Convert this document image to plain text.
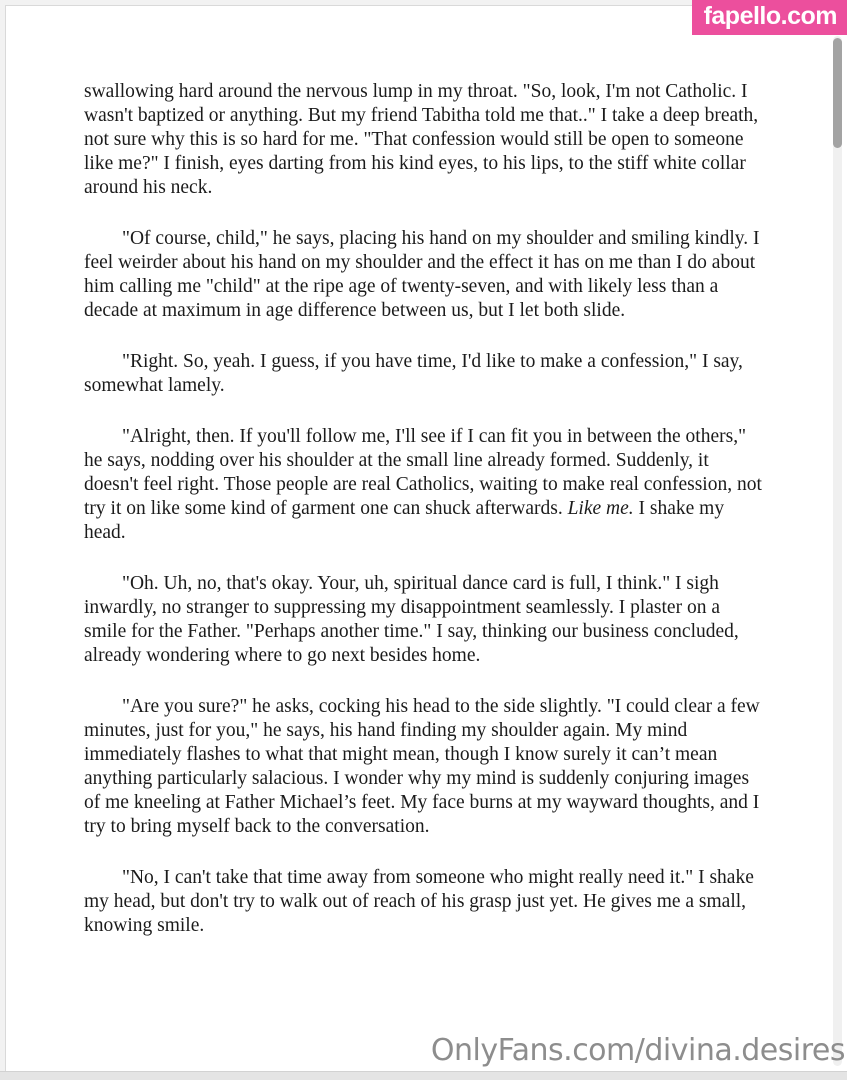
swallowing hard around the nervous lump in my throat. "So, look, I'm not Catholic. I wasn't baptized or anything. But my friend Tabitha told me that.." I take a deep breath, not sure why this is so hard for me. "That confession would still be open to someone like me?" I finish, eyes darting from his kind eyes, to his lips, to the stiff white collar around his neck.

"Of course, child," he says, placing his hand on my shoulder and smiling kindly. I feel weirder about his hand on my shoulder and the effect it has on me than I do about him calling me "child" at the ripe age of twenty-seven, and with likely less than a decade at maximum in age difference between us, but I let both slide.

"Right. So, yeah. I guess, if you have time, I'd like to make a confession," I say, somewhat lamely.

"Alright, then. If you'll follow me, I'll see if I can fit you in between the others," he says, nodding over his shoulder at the small line already formed. Suddenly, it doesn't feel right. Those people are real Catholics, waiting to make real confession, not try it on like some kind of garment one can shuck afterwards. Like me. I shake my head.

"Oh. Uh, no, that's okay. Your, uh, spiritual dance card is full, I think." I sigh inwardly, no stranger to suppressing my disappointment seamlessly. I plaster on a smile for the Father. "Perhaps another time." I say, thinking our business concluded, already wondering where to go next besides home.

"Are you sure?" he asks, cocking his head to the side slightly. "I could clear a few minutes, just for you," he says, his hand finding my shoulder again. My mind immediately flashes to what that might mean, though I know surely it can’t mean anything particularly salacious. I wonder why my mind is suddenly conjuring images of me kneeling at Father Michael’s feet. My face burns at my wayward thoughts, and I try to bring myself back to the conversation.

"No, I can't take that time away from someone who might really need it." I shake my head, but don't try to walk out of reach of his grasp just yet. He gives me a small, knowing smile.

fapello.com
OnlyFans.com/divina.desires
